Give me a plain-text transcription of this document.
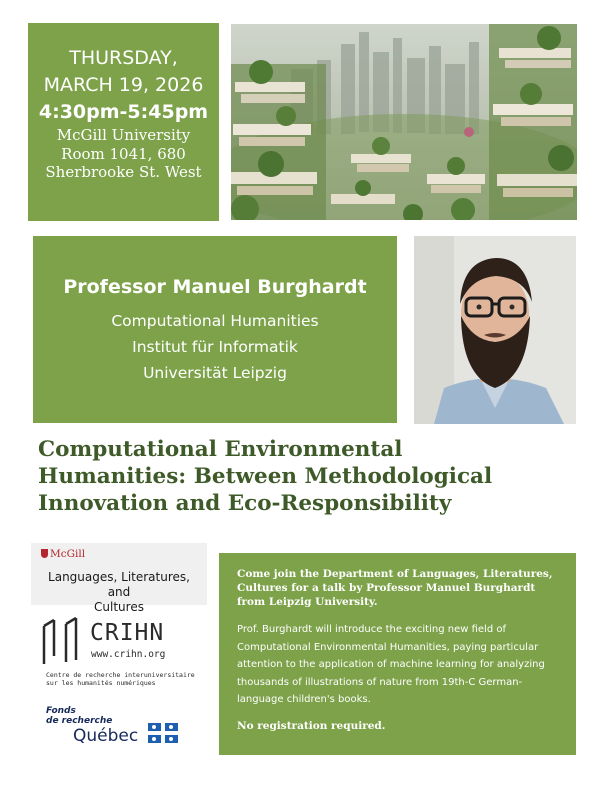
THURSDAY,
MARCH 19, 2026
4:30pm-5:45pm
McGill University
Room 1041, 680
Sherbrooke St. West
Professor Manuel Burghardt
Computational Humanities
Institut für Informatik
Universität Leipzig
Computational Environmental
Humanities: Between Methodological
Innovation and Eco-Responsibility
McGill
Languages, Literatures, and
Cultures
CRIHN
www.crihn.org
Centre de recherche interuniversitaire
sur les humanités numériques
Fonds
de recherche
Québec

Come join the Department of Languages, Literatures, Cultures for a talk by Professor Manuel Burghardt from Leipzig University.

Prof. Burghardt will introduce the exciting new field of Computational Environmental Humanities, paying particular attention to the application of machine learning for analyzing thousands of illustrations of nature from 19th-C German-language children's books.

No registration required.
